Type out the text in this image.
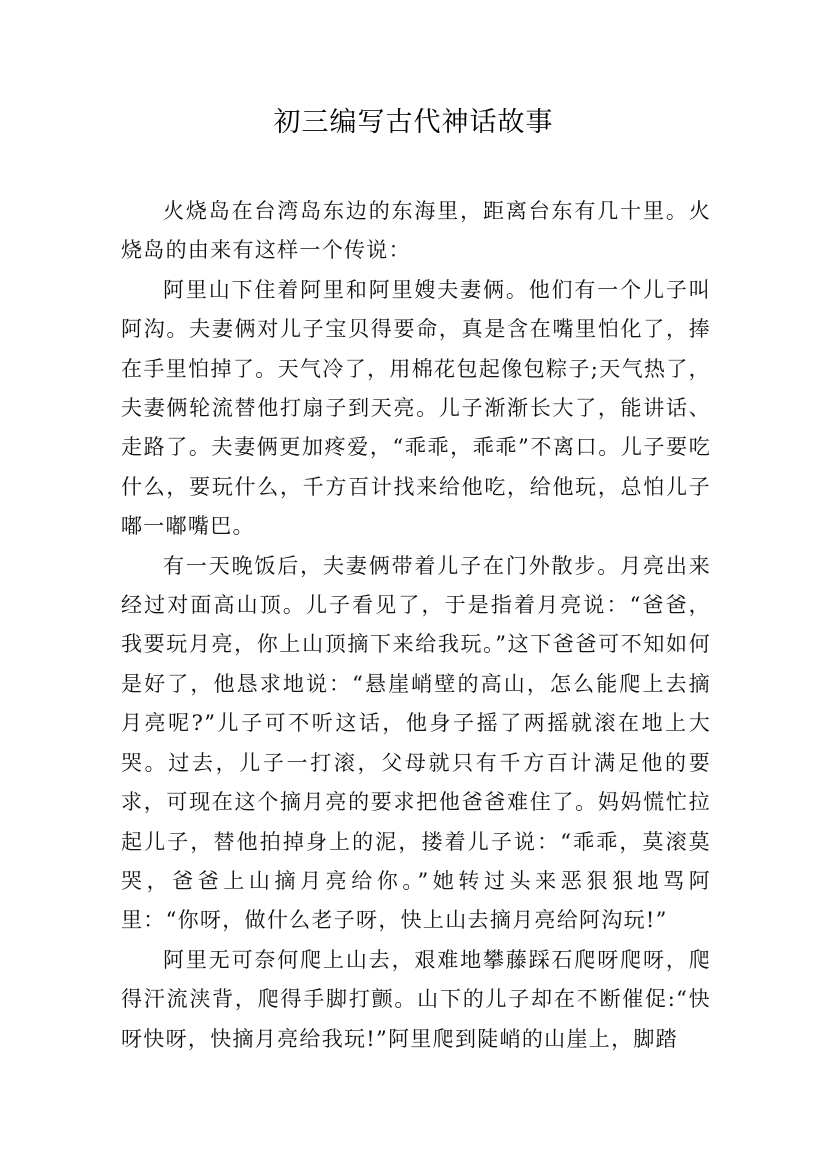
初三编写古代神话故事

火烧岛在台湾岛东边的东海里，距离台东有几十里。火烧岛的由来有这样一个传说：

阿里山下住着阿里和阿里嫂夫妻俩。他们有一个儿子叫阿沟。夫妻俩对儿子宝贝得要命，真是含在嘴里怕化了，捧在手里怕掉了。天气冷了，用棉花包起像包粽子;天气热了，夫妻俩轮流替他打扇子到天亮。儿子渐渐长大了，能讲话、走路了。夫妻俩更加疼爱，“乖乖，乖乖”不离口。儿子要吃什么，要玩什么，千方百计找来给他吃，给他玩，总怕儿子嘟一嘟嘴巴。

有一天晚饭后，夫妻俩带着儿子在门外散步。月亮出来经过对面高山顶。儿子看见了，于是指着月亮说：“爸爸，我要玩月亮，你上山顶摘下来给我玩。”这下爸爸可不知如何是好了，他恳求地说：“悬崖峭壁的高山，怎么能爬上去摘月亮呢?”儿子可不听这话，他身子摇了两摇就滚在地上大哭。过去，儿子一打滚，父母就只有千方百计满足他的要求，可现在这个摘月亮的要求把他爸爸难住了。妈妈慌忙拉起儿子，替他拍掉身上的泥，搂着儿子说：“乖乖，莫滚莫哭，爸爸上山摘月亮给你。”她转过头来恶狠狠地骂阿里：“你呀，做什么老子呀，快上山去摘月亮给阿沟玩!”

阿里无可奈何爬上山去，艰难地攀藤踩石爬呀爬呀，爬得汗流浃背，爬得手脚打颤。山下的儿子却在不断催促:“快呀快呀，快摘月亮给我玩!”阿里爬到陡峭的山崖上，脚踏
